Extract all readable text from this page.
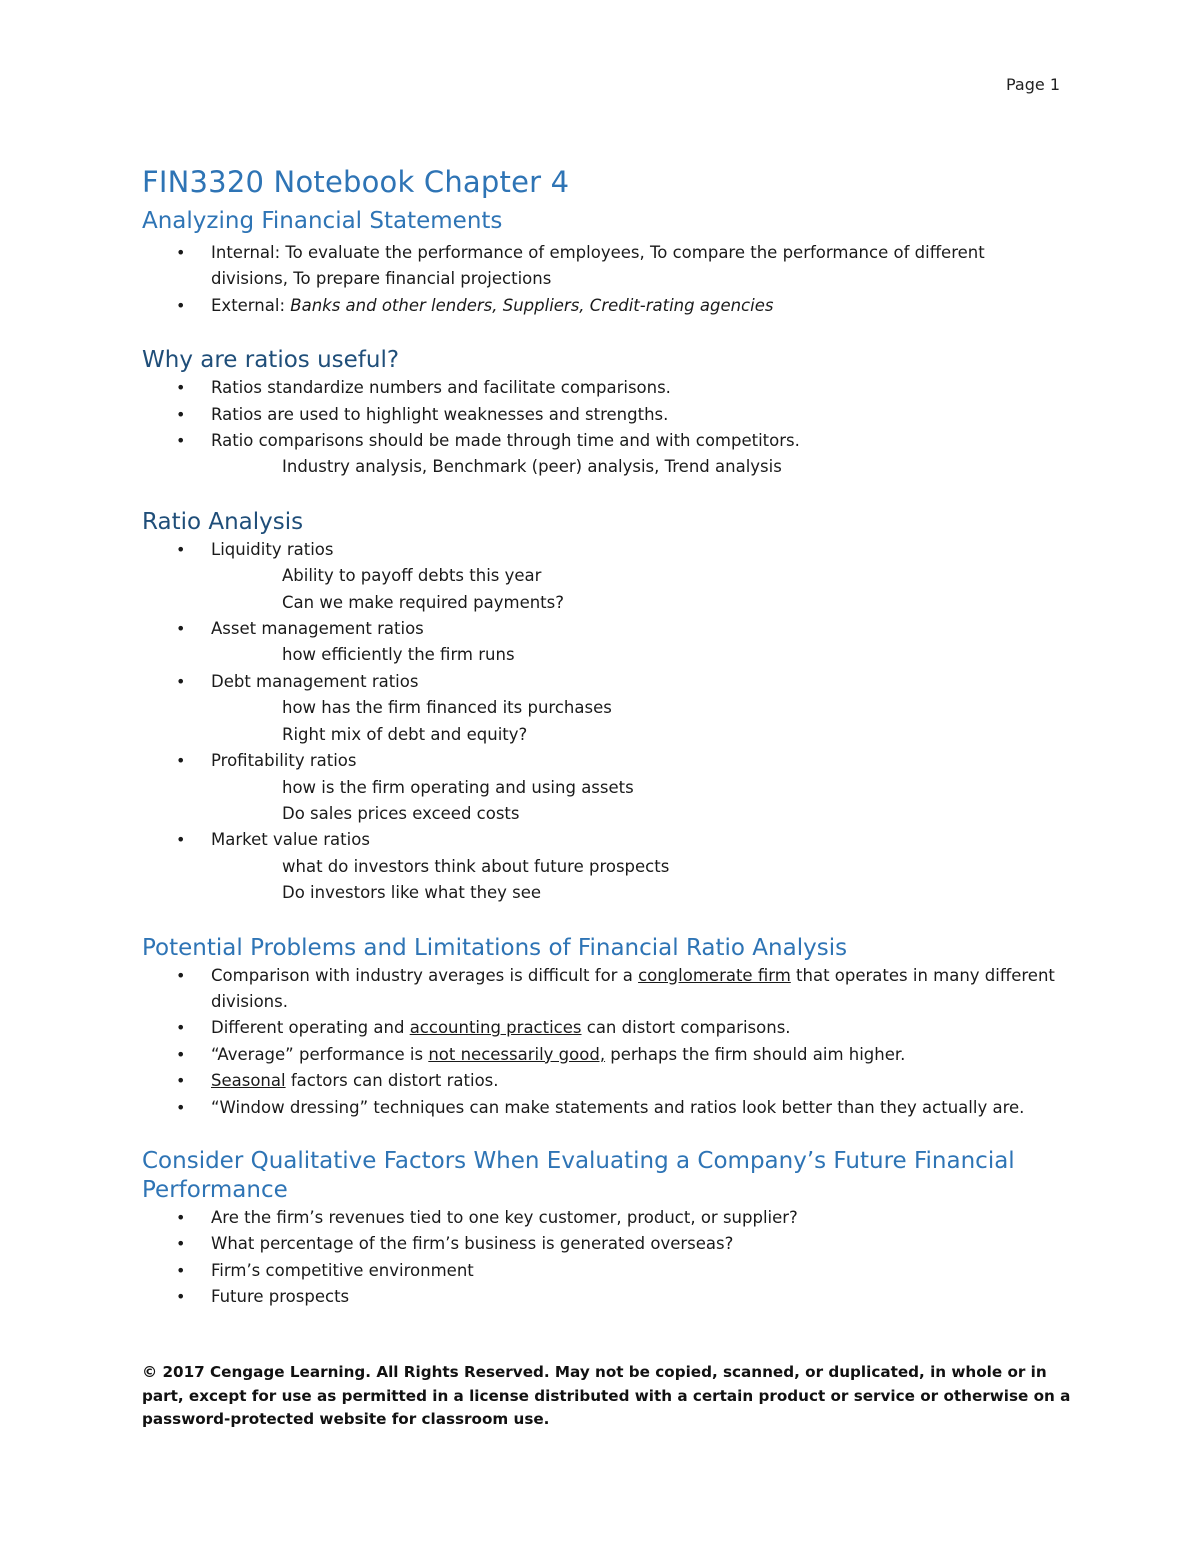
Page 1
FIN3320 Notebook Chapter 4
Analyzing Financial Statements
• Internal: To evaluate the performance of employees, To compare the performance of different divisions, To prepare financial projections
• External: Banks and other lenders, Suppliers, Credit-rating agencies
Why are ratios useful?
• Ratios standardize numbers and facilitate comparisons.
• Ratios are used to highlight weaknesses and strengths.
• Ratio comparisons should be made through time and with competitors.
Industry analysis, Benchmark (peer) analysis, Trend analysis
Ratio Analysis
• Liquidity ratios
Ability to payoff debts this year
Can we make required payments?
• Asset management ratios
how efficiently the firm runs
• Debt management ratios
how has the firm financed its purchases
Right mix of debt and equity?
• Profitability ratios
how is the firm operating and using assets
Do sales prices exceed costs
• Market value ratios
what do investors think about future prospects
Do investors like what they see
Potential Problems and Limitations of Financial Ratio Analysis
• Comparison with industry averages is difficult for a conglomerate firm that operates in many different divisions.
• Different operating and accounting practices can distort comparisons.
• “Average” performance is not necessarily good, perhaps the firm should aim higher.
• Seasonal factors can distort ratios.
• “Window dressing” techniques can make statements and ratios look better than they actually are.
Consider Qualitative Factors When Evaluating a Company’s Future Financial Performance
• Are the firm’s revenues tied to one key customer, product, or supplier?
• What percentage of the firm’s business is generated overseas?
• Firm’s competitive environment
• Future prospects
© 2017 Cengage Learning. All Rights Reserved. May not be copied, scanned, or duplicated, in whole or in part, except for use as permitted in a license distributed with a certain product or service or otherwise on a password-protected website for classroom use.
